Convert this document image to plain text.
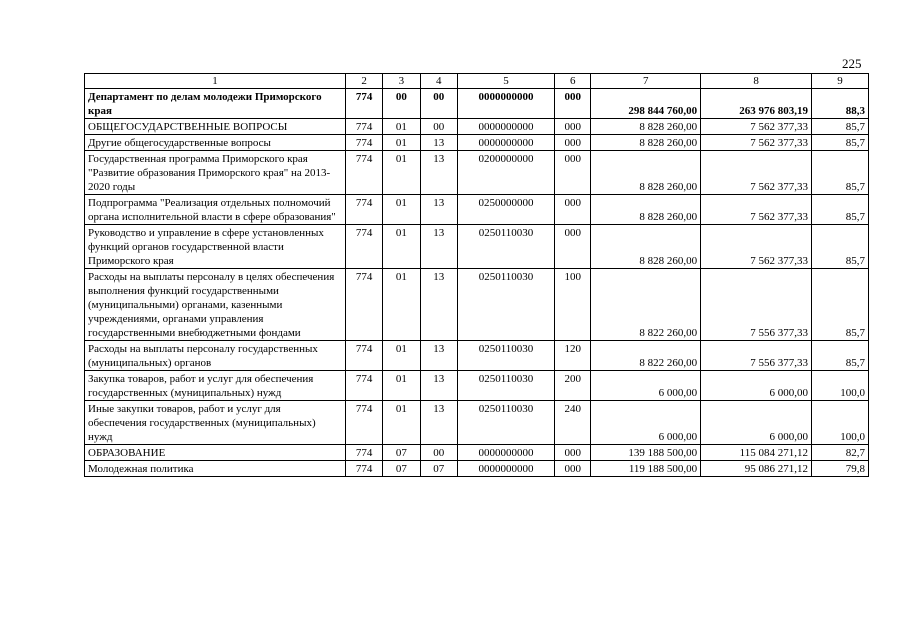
225
1	2	3	4	5	6	7	8	9
Департамент по делам молодежи Приморского края	774	00	00	0000000000	000	298 844 760,00	263 976 803,19	88,3
ОБЩЕГОСУДАРСТВЕННЫЕ ВОПРОСЫ	774	01	00	0000000000	000	8 828 260,00	7 562 377,33	85,7
Другие общегосударственные вопросы	774	01	13	0000000000	000	8 828 260,00	7 562 377,33	85,7
Государственная программа Приморского края "Развитие образования Приморского края" на 2013-2020 годы	774	01	13	0200000000	000	8 828 260,00	7 562 377,33	85,7
Подпрограмма "Реализация отдельных полномочий органа исполнительной власти в сфере образования"	774	01	13	0250000000	000	8 828 260,00	7 562 377,33	85,7
Руководство и управление в сфере установленных функций органов государственной власти Приморского края	774	01	13	0250110030	000	8 828 260,00	7 562 377,33	85,7
Расходы на выплаты персоналу в целях обеспечения выполнения функций государственными (муниципальными) органами, казенными учреждениями, органами управления государственными внебюджетными фондами	774	01	13	0250110030	100	8 822 260,00	7 556 377,33	85,7
Расходы на выплаты персоналу государственных (муниципальных) органов	774	01	13	0250110030	120	8 822 260,00	7 556 377,33	85,7
Закупка товаров, работ и услуг для обеспечения государственных (муниципальных) нужд	774	01	13	0250110030	200	6 000,00	6 000,00	100,0
Иные закупки товаров, работ и услуг для обеспечения государственных (муниципальных) нужд	774	01	13	0250110030	240	6 000,00	6 000,00	100,0
ОБРАЗОВАНИЕ	774	07	00	0000000000	000	139 188 500,00	115 084 271,12	82,7
Молодежная политика	774	07	07	0000000000	000	119 188 500,00	95 086 271,12	79,8
